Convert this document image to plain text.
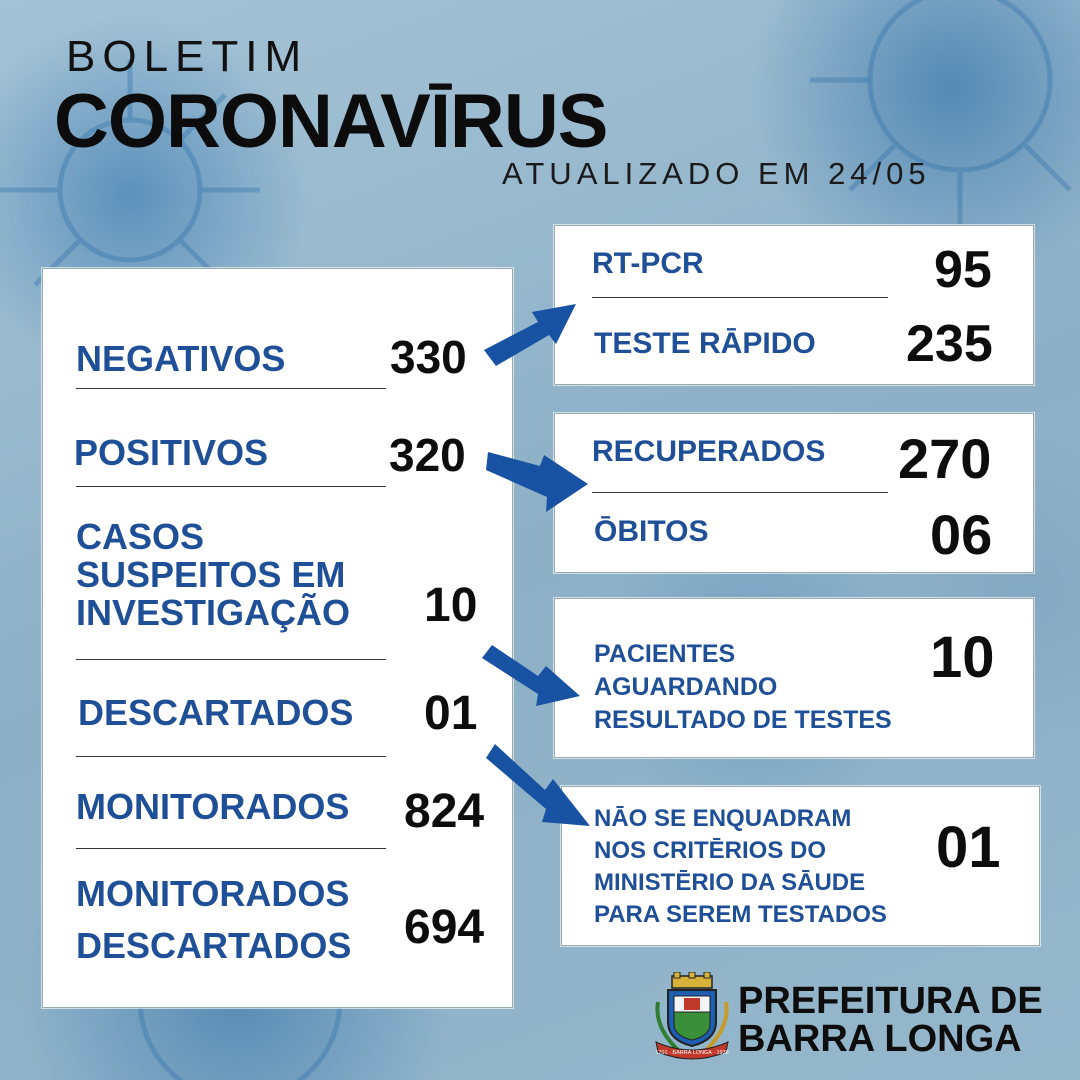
BOLETIM
CORONAVĪRUS
ATUALIZADO EM 24/05
NEGATIVOS 330
POSITIVOS	320
CASOS
SUSPEITOS EM
INVESTIGAÇÃO 10
DESCARTADOS 01
MONITORADOS 824
MONITORADOS
DESCARTADOS 694
RT-PCR	95
TESTE RĀPIDO 235
RECUPERADOS 270
ŌBITOS	06
PACIENTES
AGUARDANDO
RESULTADO DE TESTES
10
NĀO SE ENQUADRAM
NOS CRITĒRIOS DO
MINISTĒRIO DA SĀUDE
PARA SEREM TESTADOS
01
1701 · BARRA LONGA · 1938
PREFEITURA DE
BARRA LONGA
